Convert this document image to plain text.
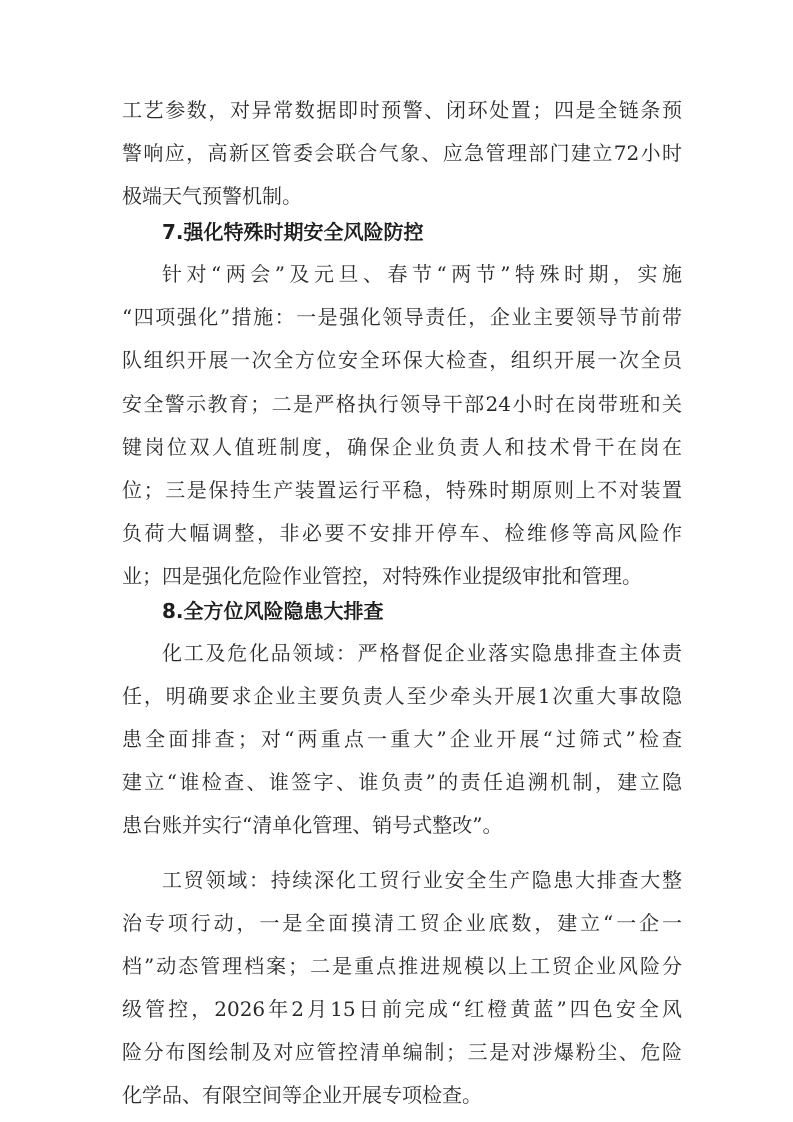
工艺参数，对异常数据即时预警、闭环处置；四是全链条预
警响应，高新区管委会联合气象、应急管理部门建立72小时
极端天气预警机制。
7.强化特殊时期安全风险防控
针对“两会”及元旦、春节“两节”特殊时期，实施
“四项强化”措施：一是强化领导责任，企业主要领导节前带
队组织开展一次全方位安全环保大检查，组织开展一次全员
安全警示教育；二是严格执行领导干部24小时在岗带班和关
键岗位双人值班制度，确保企业负责人和技术骨干在岗在
位；三是保持生产装置运行平稳，特殊时期原则上不对装置
负荷大幅调整，非必要不安排开停车、检维修等高风险作
业；四是强化危险作业管控，对特殊作业提级审批和管理。
8.全方位风险隐患大排查
化工及危化品领域：严格督促企业落实隐患排查主体责
任，明确要求企业主要负责人至少牵头开展1次重大事故隐
患全面排查；对“两重点一重大”企业开展“过筛式”检查
建立“谁检查、谁签字、谁负责”的责任追溯机制，建立隐
患台账并实行“清单化管理、销号式整改”。
工贸领域：持续深化工贸行业安全生产隐患大排查大整
治专项行动，一是全面摸清工贸企业底数，建立“一企一
档”动态管理档案；二是重点推进规模以上工贸企业风险分
级管控，2026年2月15日前完成“红橙黄蓝”四色安全风
险分布图绘制及对应管控清单编制；三是对涉爆粉尘、危险
化学品、有限空间等企业开展专项检查。
